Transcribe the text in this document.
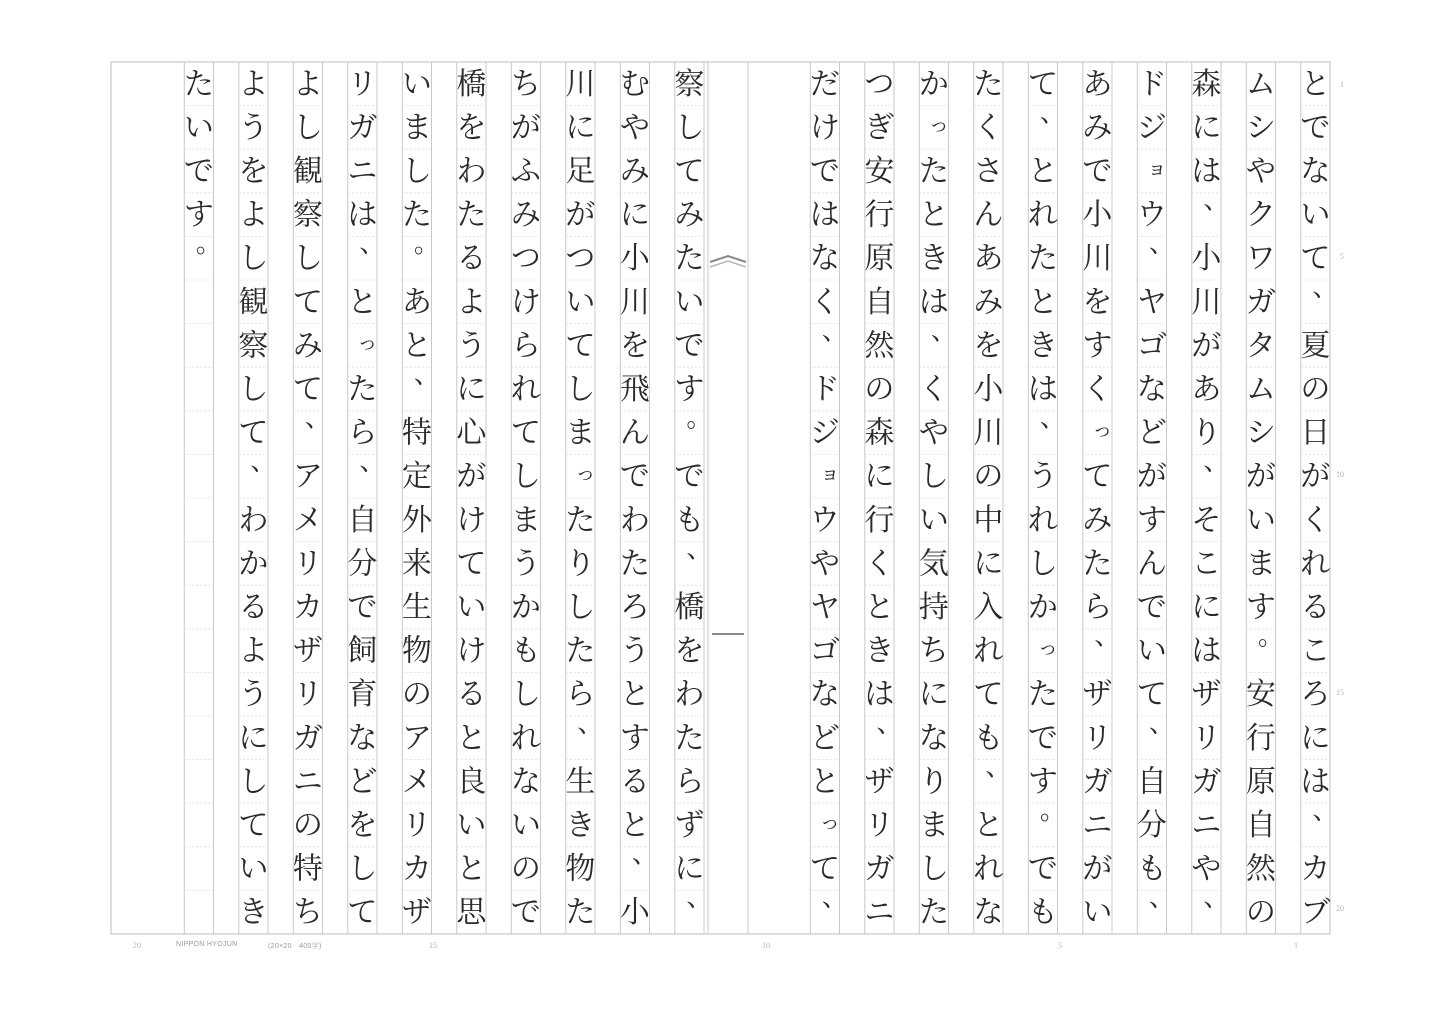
と
で
な
い
て
、
夏
の
日
が
く
れ
る
こ
ろ
に
は
、
カ
ブ
ム
シ
や
ク
ワ
ガ
タ
ム
シ
が
い
ま
す
。
安
行
原
自
然
の
森
に
は
、
小
川
が
あ
り
、
そ
こ
に
は
ザ
リ
ガ
ニ
や
、
ド
ジ
ョ
ウ
、
ヤ
ゴ
な
ど
が
す
ん
で
い
て
、
自
分
も
、
あ
み
で
小
川
を
す
く
っ
て
み
た
ら
、
ザ
リ
ガ
ニ
が
い
て
、
と
れ
た
と
き
は
、
う
れ
し
か
っ
た
で
す
。
で
も
た
く
さ
ん
あ
み
を
小
川
の
中
に
入
れ
て
も
、
と
れ
な
か
っ
た
と
き
は
、
く
や
し
い
気
持
ち
に
な
り
ま
し
た
つ
ぎ
安
行
原
自
然
の
森
に
行
く
と
き
は
、
ザ
リ
ガ
ニ
だ
け
で
は
な
く
、
ド
ジ
ョ
ウ
や
ヤ
ゴ
な
ど
と
っ
て
、
察
し
て
み
た
い
で
す
。
で
も
、
橋
を
わ
た
ら
ず
に
、
む
や
み
に
小
川
を
飛
ん
で
わ
た
ろ
う
と
す
る
と
、
小
川
に
足
が
つ
い
て
し
ま
っ
た
り
し
た
ら
、
生
き
物
た
ち
が
ふ
み
つ
け
ら
れ
て
し
ま
う
か
も
し
れ
な
い
の
で
橋
を
わ
た
る
よ
う
に
心
が
け
て
い
け
る
と
良
い
と
思
い
ま
し
た
。
あ
と
、
特
定
外
来
生
物
の
ア
メ
リ
カ
ザ
リ
ガ
ニ
は
、
と
っ
た
ら
、
自
分
で
飼
育
な
ど
を
し
て
よ
し
観
察
し
て
み
て
、
ア
メ
リ
カ
ザ
リ
ガ
ニ
の
特
ち
よ
う
を
よ
し
観
察
し
て
、
わ
か
る
よ
う
に
し
て
い
き
た
い
で
す
。
NIPPON HYOJUN	(20×20　400字)
20	15	10	5	1
1
5
10
15
20
